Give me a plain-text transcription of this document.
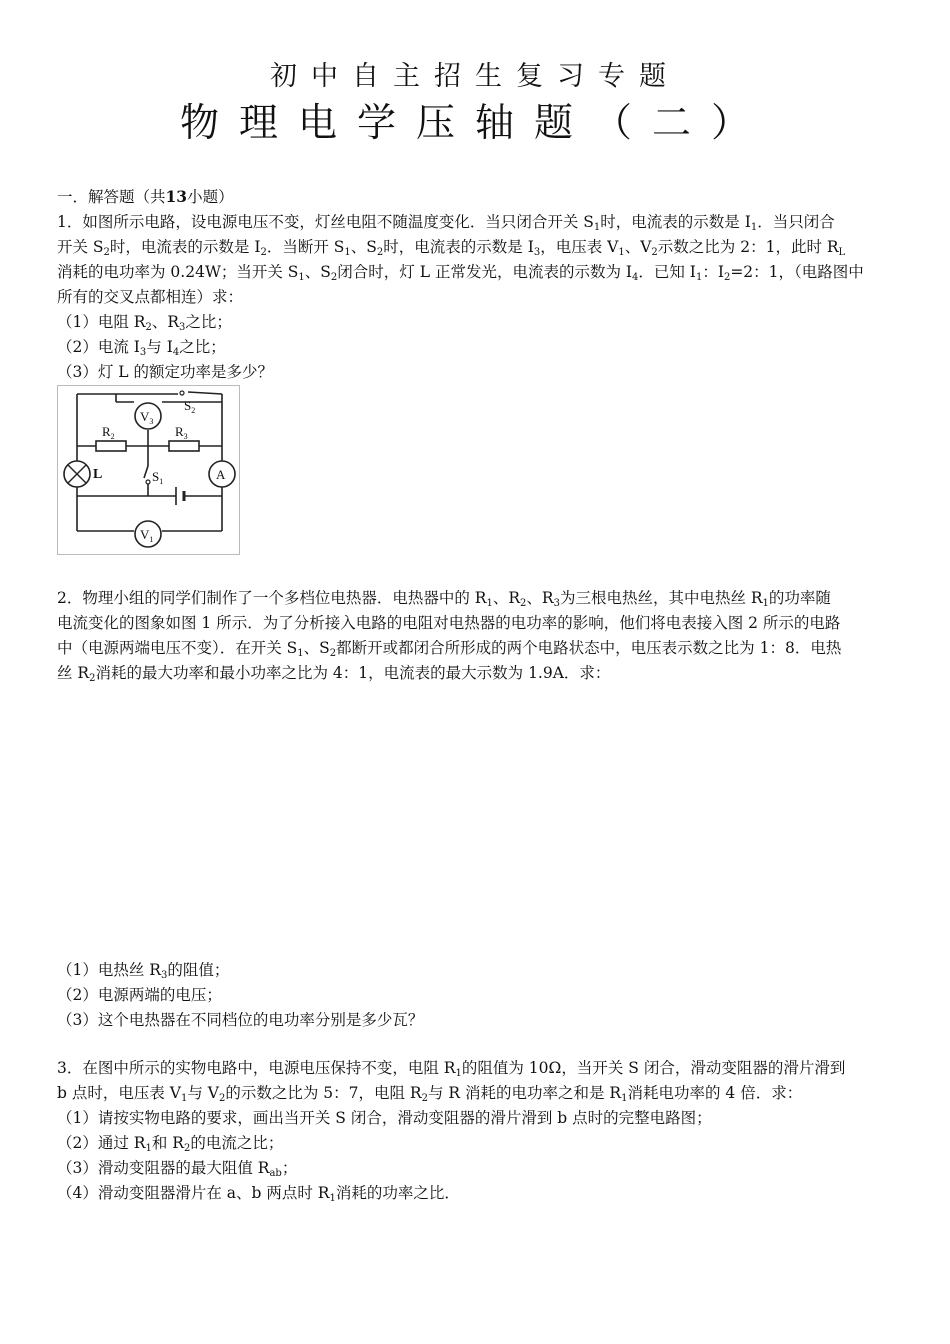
初中自主招生复习专题
物理电学压轴题（二）

一．解答题（共13小题）

1．如图所示电路，设电源电压不变，灯丝电阻不随温度变化．当只闭合开关 $S_1$时，电流表的示数是 $I_1$．当只闭合

开关 $S_2$时，电流表的示数是 $I_2$．当断开 $S_1$、$S_2$时，电流表的示数是 $I_3$，电压表 $V_1$、$V_2$示数之比为 2：1，此时 $R_L$

消耗的电功率为 0.24W；当开关 $S_1$、$S_2$闭合时，灯 L 正常发光，电流表的示数为 $I_4$．已知 $I_1$：$I_2=2$：1，（电路图中

所有的交叉点都相连）求：

（1）电阻 $R_2$、$R_3$之比；

（2）电流 $I_3$与 $I_4$之比；

（3）灯 L 的额定功率是多少？

$V_3$
$S_2$
$R_2$	$R_3$
L	$S_1$	A
$V_1$

2．物理小组的同学们制作了一个多档位电热器．电热器中的 $R_1$、$R_2$、$R_3$为三根电热丝，其中电热丝 $R_1$的功率随

电流变化的图象如图 1 所示．为了分析接入电路的电阻对电热器的电功率的影响，他们将电表接入图 2 所示的电路

中（电源两端电压不变）．在开关 $S_1$、$S_2$都断开或都闭合所形成的两个电路状态中，电压表示数之比为 1：8．电热

丝 $R_2$消耗的最大功率和最小功率之比为 4：1，电流表的最大示数为 1.9A．求：

（1）电热丝 $R_3$的阻值；

（2）电源两端的电压；

（3）这个电热器在不同档位的电功率分别是多少瓦？

3．在图中所示的实物电路中，电源电压保持不变，电阻 $R_1$的阻值为 10Ω，当开关 S 闭合，滑动变阻器的滑片滑到

b 点时，电压表 $V_1$与 $V_2$的示数之比为 5：7，电阻 $R_2$与 R 消耗的电功率之和是 $R_1$消耗电功率的 4 倍．求：

（1）请按实物电路的要求，画出当开关 S 闭合，滑动变阻器的滑片滑到 b 点时的完整电路图；

（2）通过 $R_1$和 $R_2$的电流之比；

（3）滑动变阻器的最大阻值 $R_{ab}$；

（4）滑动变阻器滑片在 a、b 两点时 $R_1$消耗的功率之比．
